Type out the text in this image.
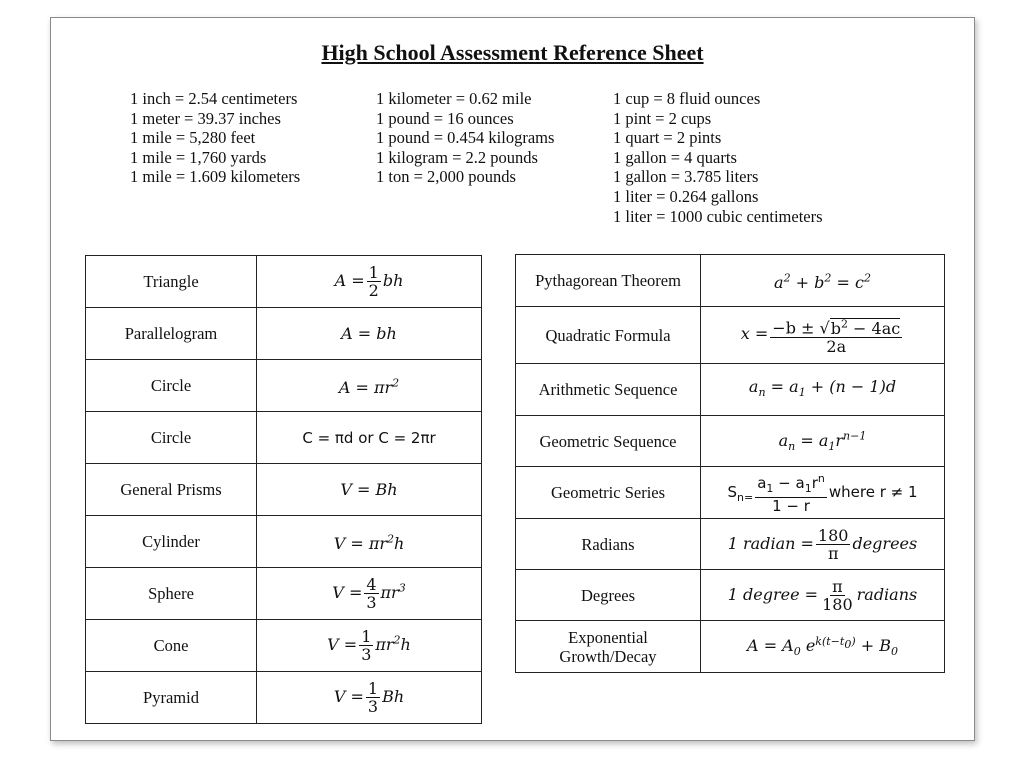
High School Assessment Reference Sheet
1 inch = 2.54 centimeters
1 meter = 39.37 inches
1 mile = 5,280 feet
1 mile = 1,760 yards
1 mile = 1.609 kilometers
1 kilometer = 0.62 mile
1 pound = 16 ounces
1 pound = 0.454 kilograms
1 kilogram = 2.2 pounds
1 ton = 2,000 pounds
1 cup = 8 fluid ounces
1 pint = 2 cups
1 quart = 2 pints
1 gallon = 4 quarts
1 gallon = 3.785 liters
1 liter = 0.264 gallons
1 liter = 1000 cubic centimeters
Triangle	$A = \frac{1}{2}$ bh
Parallelogram	A = bh
Circle	$A = \pi r^2$
Circle	C = πd or C = 2πr
General Prisms	V = Bh
Cylinder	$V = \pi r^2h$
Sphere	$V = \frac{4}{3} \pi r^3$
Cone	$V = \frac{1}{3} \pi r^2h$
Pyramid	$V = \frac{1}{3}$ Bh
Pythagorean Theorem	$a^2 + b^2 = c^2$
Quadratic Formula	$x = \frac{-b \pm √b^2 - 4ac}{2a}$

Arithmetic Sequence	$a_n = a_1 + (n - 1)d$
Geometric Sequence	$a_n = a_1r^{n-1}$
Geometric Series	$S_{n=} \frac{a_1 - a_1r^n}{1 - r}$ where r ≠ 1
Radians	1 radian = $\frac{180}{\pi}$ degrees
Degrees	1 degree = $\frac{\pi}{180}$ radians
Exponential Growth/Decay	$A = A_0$ $e^{k(t-t_0)} + B_0$
